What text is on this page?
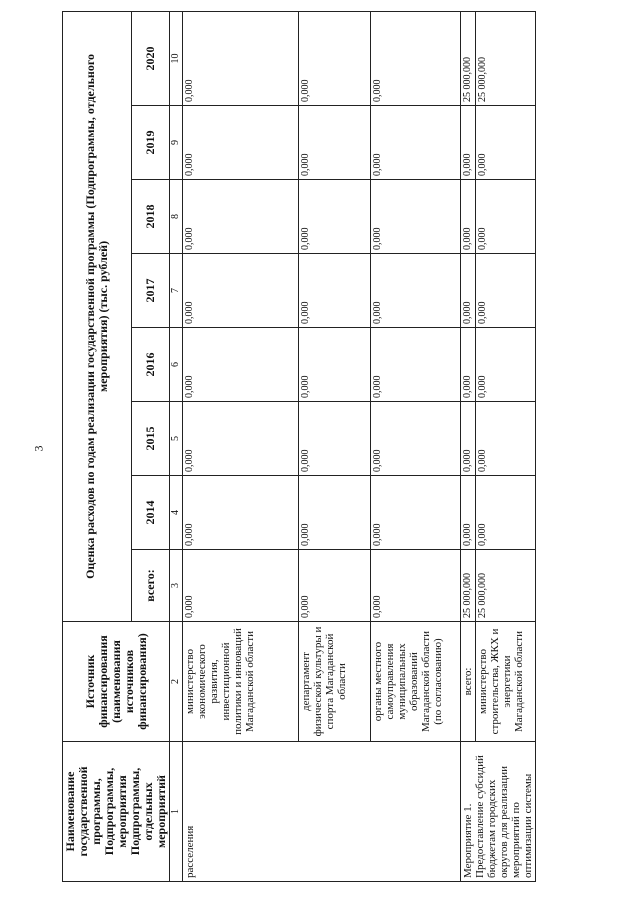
3
Наименование государственной программы, Подпрограммы, мероприятия Подпрограммы, отдельных мероприятий	Источник финансирования (наименования источников финансирования)	Оценка расходов по годам реализации государственной программы (Подпрограммы, отдельного мероприятия) (тыс. рублей)							
		всего:	2014	2015	2016	2017	2018	2019	2020
1	2	3	4	5	6	7	8	9	10
расселения	министерство экономического развития, инвестиционной политики и инноваций Магаданской области	0,000	0,000	0,000	0,000	0,000	0,000	0,000	0,000
	департамент физической культуры и спорта Магаданской области	0,000	0,000	0,000	0,000	0,000	0,000	0,000	0,000
	органы местного самоуправления муниципальных образований Магаданской области (по согласованию)	0,000	0,000	0,000	0,000	0,000	0,000	0,000	0,000
Мероприятие 1. Предоставление субсидий бюджетам городских округов для реализации мероприятий по оптимизации системы	всего:	25 000,000	0,000	0,000	0,000	0,000	0,000	0,000	25 000,000
	министерство строительства, ЖКХ и энергетики Магаданской области	25 000,000	0,000	0,000	0,000	0,000	0,000	0,000	25 000,000
